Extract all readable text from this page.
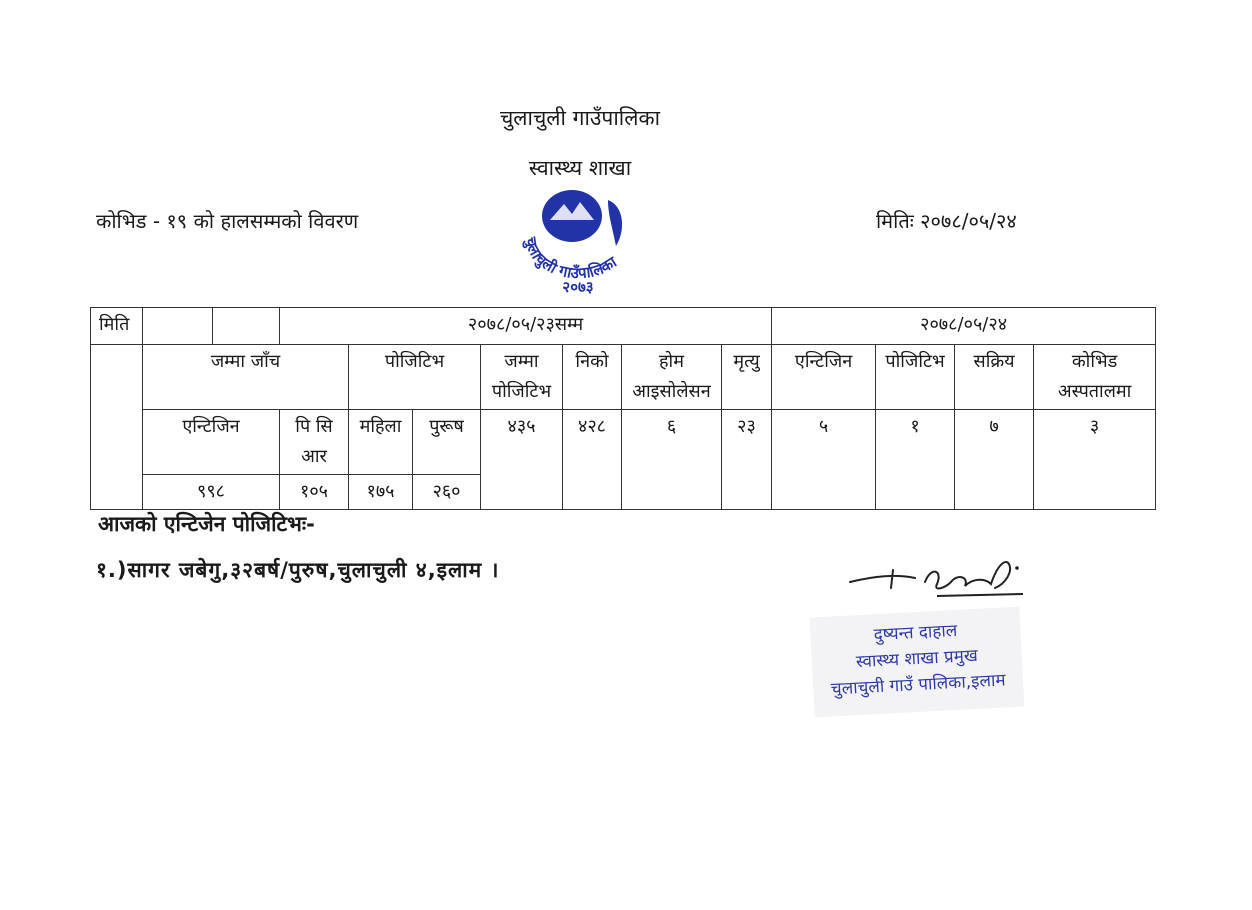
चुलाचुली गाउँपालिका
स्वास्थ्य शाखा
कोभिड - १९ को हालसम्मको विवरण	मितिः २०७८/०५/२४
चुलाचुली गाउँपालिका
२०७३
मिति			२०७८/०५/२३सम्म							२०७८/०५/२४			
	जम्मा जाँच			पोजिटिभ		जम्मा पोजिटिभ	निको	होम आइसोलेसन	मृत्यु	एन्टिजिन	पोजिटिभ	सक्रिय	कोभिड अस्पतालमा
	एन्टिजिन		पि सि आर	महिला	पुरूष	४३५	४२८	६	२३	५	१	७	३
	९९८		१०५	१७५	२६०								
आजको एन्टिजेन पोजिटिभः-
१.)सागर जबेगु,३२बर्ष/पुरुष,चुलाचुली ४,इलाम ।
दुष्यन्त दाहाल
स्वास्थ्य शाखा प्रमुख
चुलाचुली गाउँ पालिका,इलाम
